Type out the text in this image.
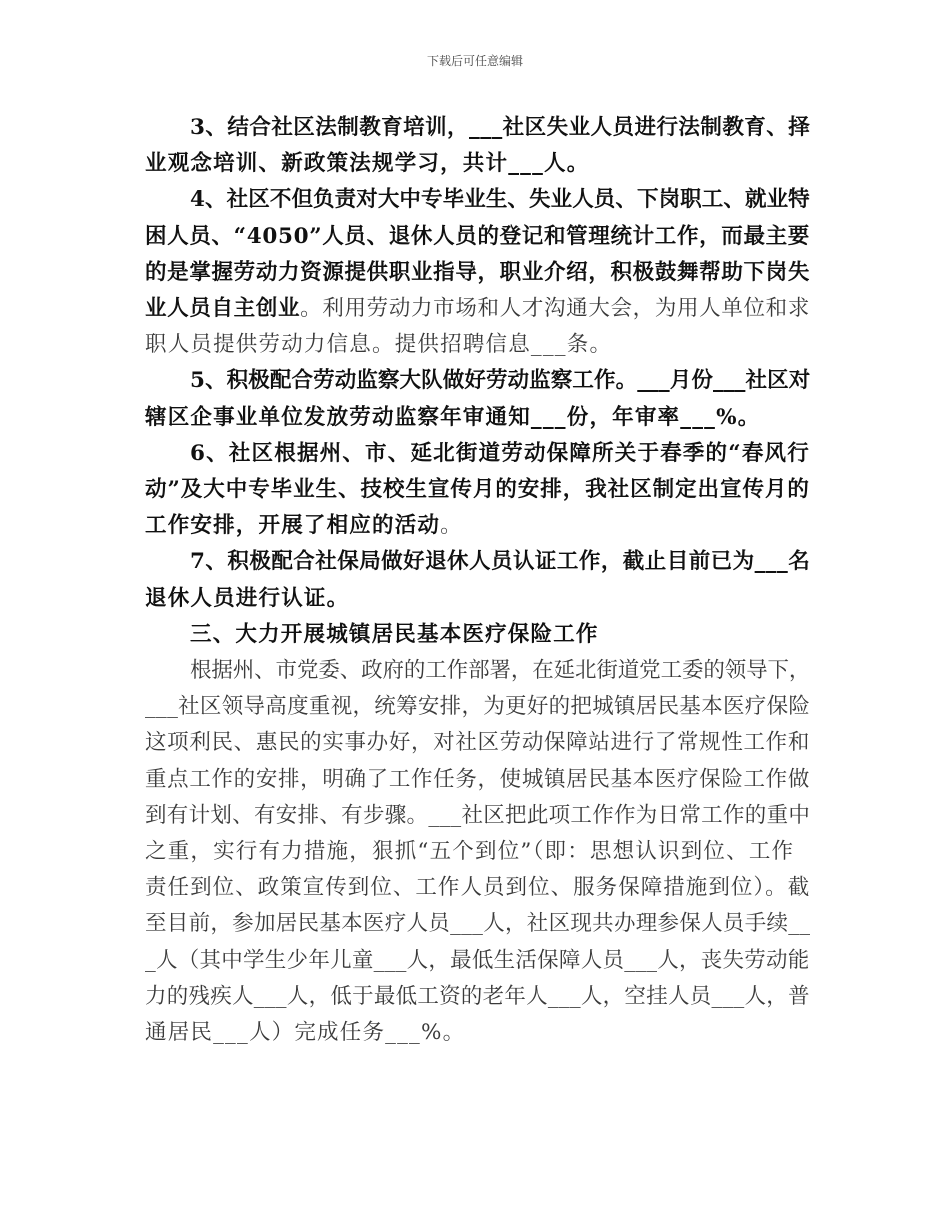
下载后可任意编辑
3、结合社区法制教育培训，___社区失业人员进行法制教育、择
业观念培训、新政策法规学习，共计___人。
4、社区不但负责对大中专毕业生、失业人员、下岗职工、就业特
困人员、“4050”人员、退休人员的登记和管理统计工作，而最主要
的是掌握劳动力资源提供职业指导，职业介绍，积极鼓舞帮助下岗失
业人员自主创业。利用劳动力市场和人才沟通大会，为用人单位和求
职人员提供劳动力信息。提供招聘信息___条。
5、积极配合劳动监察大队做好劳动监察工作。___月份___社区对
辖区企事业单位发放劳动监察年审通知___份，年审率___%。
6、社区根据州、市、延北街道劳动保障所关于春季的“春风行
动”及大中专毕业生、技校生宣传月的安排，我社区制定出宣传月的
工作安排，开展了相应的活动。
7、积极配合社保局做好退休人员认证工作，截止目前已为___名
退休人员进行认证。
三、大力开展城镇居民基本医疗保险工作
根据州、市党委、政府的工作部署，在延北街道党工委的领导下，
___社区领导高度重视，统筹安排，为更好的把城镇居民基本医疗保险
这项利民、惠民的实事办好，对社区劳动保障站进行了常规性工作和
重点工作的安排，明确了工作任务，使城镇居民基本医疗保险工作做
到有计划、有安排、有步骤。___社区把此项工作作为日常工作的重中
之重，实行有力措施，狠抓“五个到位”（即：思想认识到位、工作
责任到位、政策宣传到位、工作人员到位、服务保障措施到位）。截
至目前，参加居民基本医疗人员___人，社区现共办理参保人员手续__
_人（其中学生少年儿童___人，最低生活保障人员___人，丧失劳动能
力的残疾人___人，低于最低工资的老年人___人，空挂人员___人，普
通居民___人）完成任务___%。
